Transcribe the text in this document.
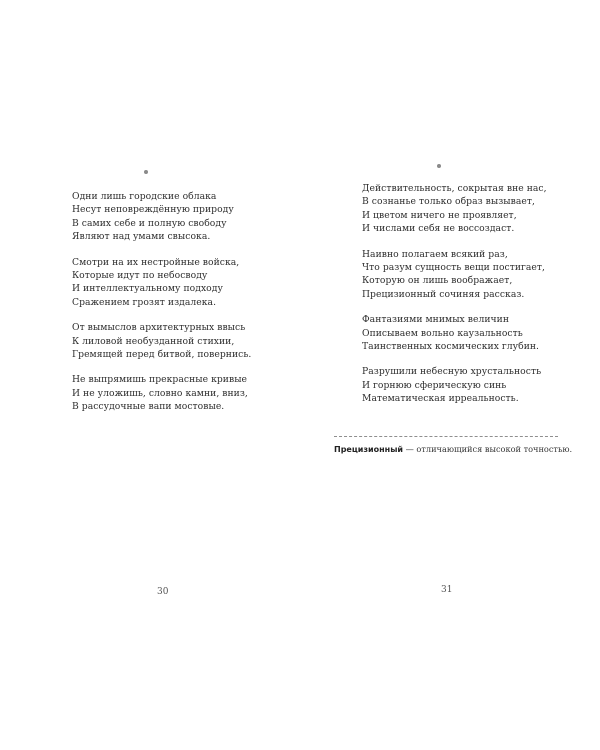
Одни лишь городские облака
Несут неповреждённую природу
В самих себе и полную свободу
Являют над умами свысока.
Смотри на их нестройные войска,
Которые идут по небосводу
И интеллектуальному подходу
Сражением грозят издалека.
От вымыслов архитектурных ввысь
К лиловой необузданной стихии,
Гремящей перед битвой, повернись.
Не выпрямишь прекрасные кривые
И не уложишь, словно камни, вниз,
В рассудочные вапи мостовые.
30
Действительность, сокрытая вне нас,
В сознанье только образ вызывает,
И цветом ничего не проявляет,
И числами себя не воссоздаст.
Наивно полагаем всякий раз,
Что разум сущность вещи постигает,
Которую он лишь воображает,
Прецизионный сочиняя рассказ.
Фантазиями мнимых величин
Описываем вольно каузальность
Таинственных космических глубин.
Разрушили небесную хрустальность
И горнюю сферическую синь
Математическая ирреальность.
Прецизионный — отличающийся высокой точностью.
31
